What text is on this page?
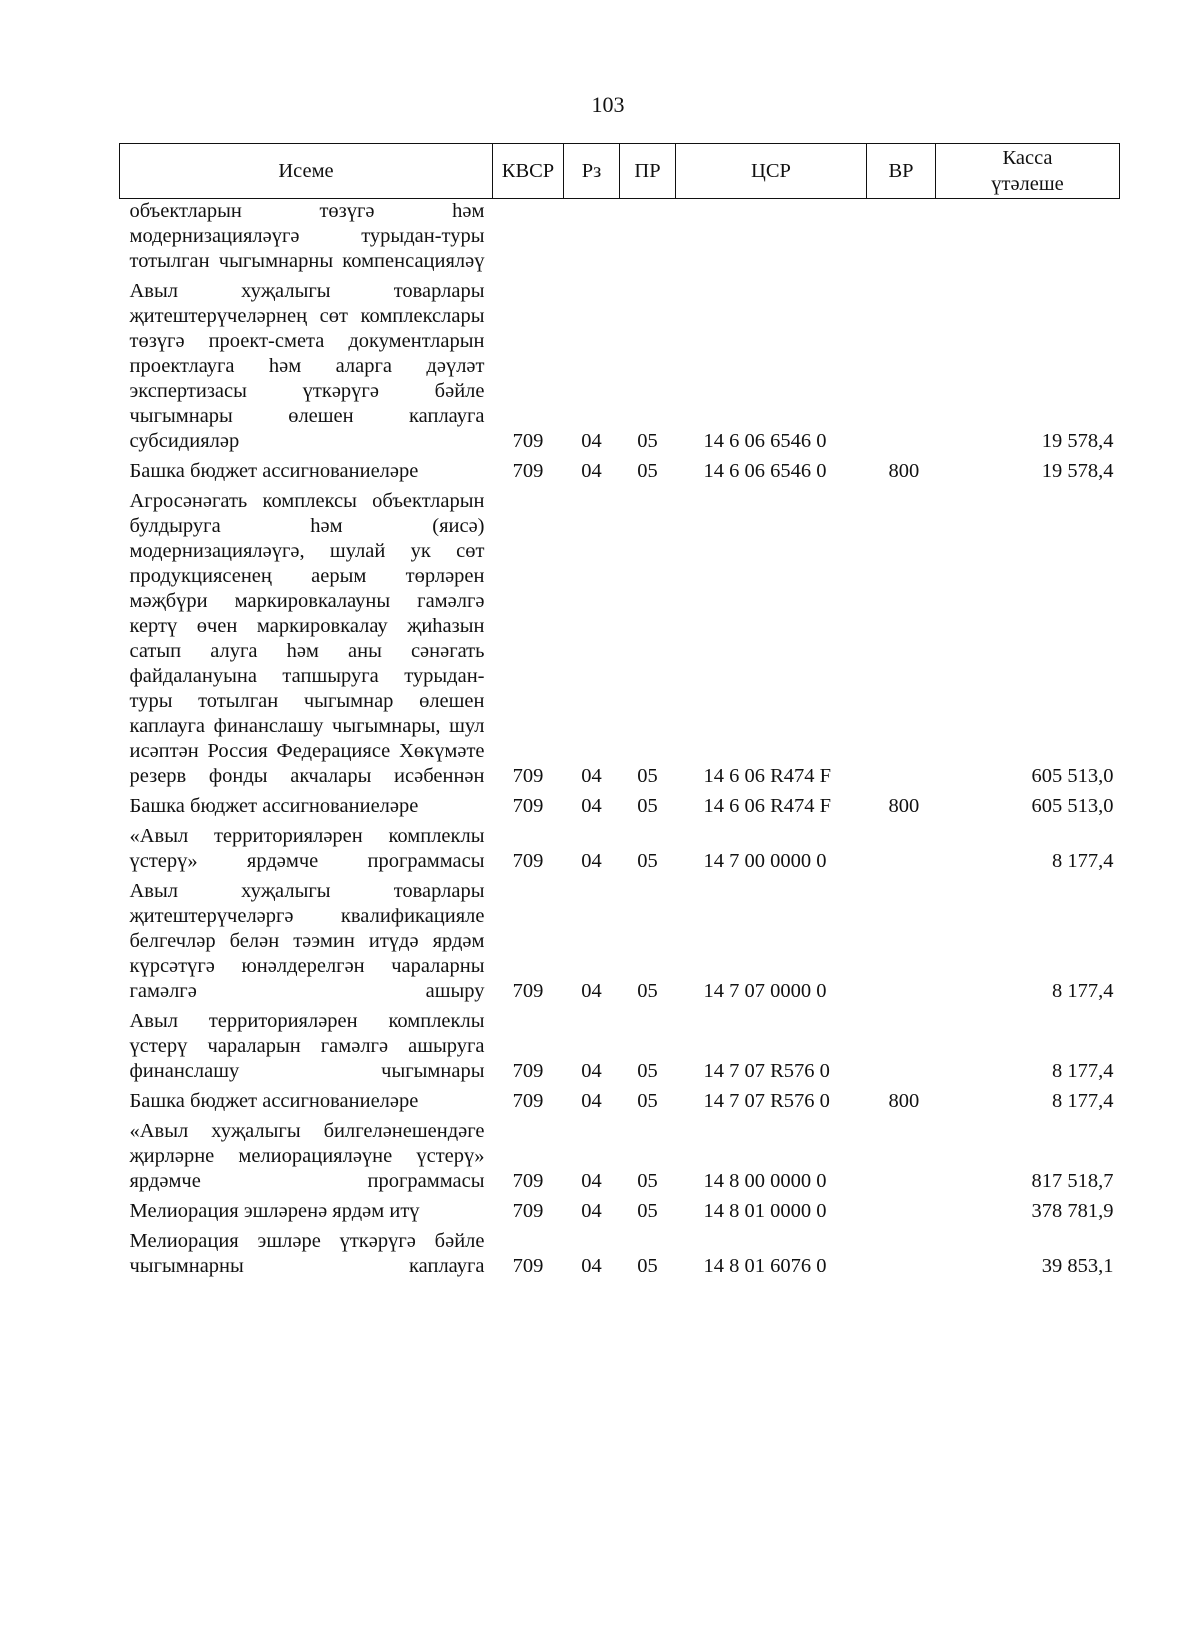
103
Исеме	КВСР	Рз	ПР	ЦСР	ВР	Касса
үтәлеше

объектларын төзүгә һәм модернизацияләүгә турыдан-туры тотылган чыгымнарны компенсацияләү						
Авыл хуҗалыгы товарлары җитештерүчеләрнең сөт комплекслары төзүгә проект-смета документларын проектлауга һәм аларга дәүләт экспертизасы үткәрүгә бәйле чыгымнары өлешен каплауга субсидияләр	709	04	05	14 6 06 6546 0		19 578,4
Башка бюджет ассигнованиеләре	709	04	05	14 6 06 6546 0	800	19 578,4
Агросәнәгать комплексы объектларын булдыруга һәм (яисә) модернизацияләүгә, шулай ук сөт продукциясенең аерым төрләрен мәҗбүри маркировкалауны гамәлгә кертү өчен маркировкалау җиһазын сатып алуга һәм аны сәнәгать файдалануына тапшыруга турыдан-туры тотылган чыгымнар өлешен каплауга финанслашу чыгымнары, шул исәптән Россия Федерациясе Хөкүмәте резерв фонды акчалары исәбеннән	709	04	05	14 6 06 R474 F		605 513,0
Башка бюджет ассигнованиеләре	709	04	05	14 6 06 R474 F	800	605 513,0
«Авыл территорияләрен комплеклы үстерү» ярдәмче программасы	709	04	05	14 7 00 0000 0		8 177,4
Авыл хуҗалыгы товарлары җитештерүчеләргә квалификацияле белгечләр белән тәэмин итүдә ярдәм күрсәтүгә юнәлдерелгән чараларны гамәлгә ашыру	709	04	05	14 7 07 0000 0		8 177,4
Авыл территорияләрен комплеклы үстерү чараларын гамәлгә ашыруга финанслашу чыгымнары	709	04	05	14 7 07 R576 0		8 177,4
Башка бюджет ассигнованиеләре	709	04	05	14 7 07 R576 0	800	8 177,4
«Авыл хуҗалыгы билгеләнешендәге җирләрне мелиорацияләүне үстерү» ярдәмче программасы	709	04	05	14 8 00 0000 0		817 518,7
Мелиорация эшләренә ярдәм итү	709	04	05	14 8 01 0000 0		378 781,9
Мелиорация эшләре үткәрүгә бәйле чыгымнарны каплауга	709	04	05	14 8 01 6076 0		39 853,1
